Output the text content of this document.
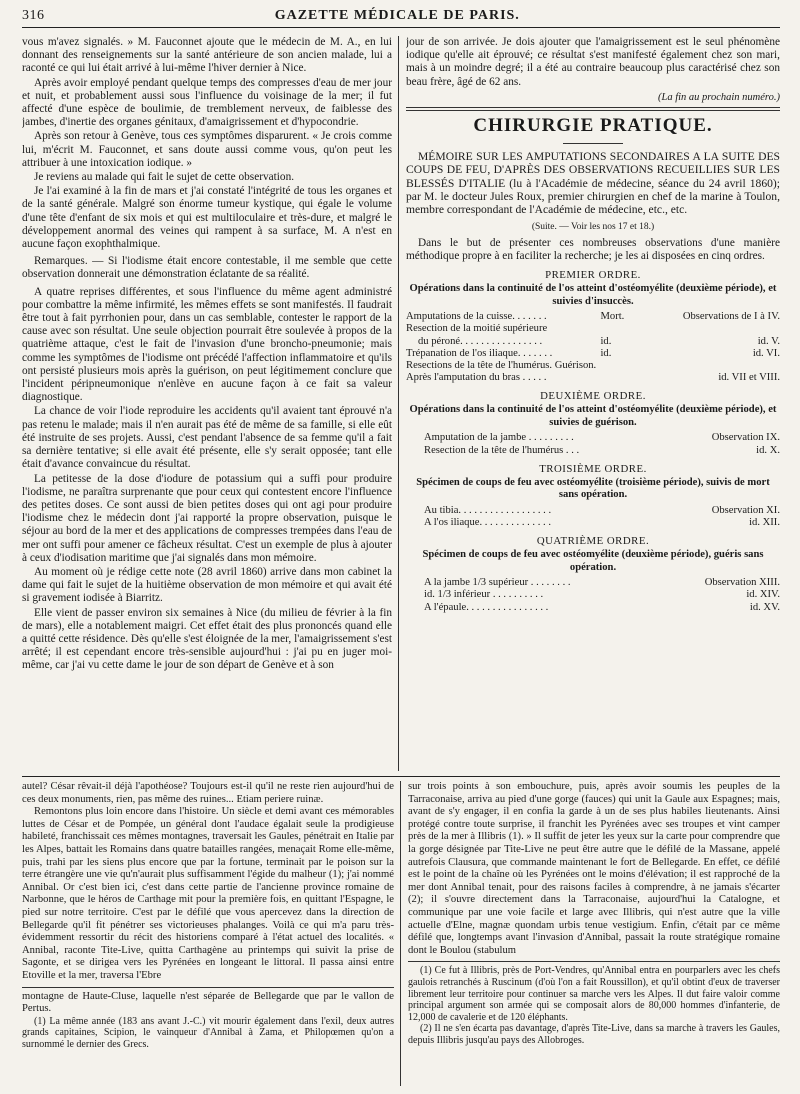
316	GAZETTE MÉDICALE DE PARIS.

vous m'avez signalés. » M. Fauconnet ajoute que le médecin de M. A., en lui donnant des renseignements sur la santé antérieure de son ancien malade, lui a raconté ce qui lui était arrivé à lui-même l'hiver dernier à Nice.

Après avoir employé pendant quelque temps des compresses d'eau de mer jour et nuit, et probablement aussi sous l'influence du voisinage de la mer; il fut affecté d'une espèce de boulimie, de tremblement nerveux, de faiblesse des jambes, d'inertie des organes génitaux, d'amaigrissement et d'hypocondrie.

Après son retour à Genève, tous ces symptômes disparurent. « Je crois comme lui, m'écrit M. Fauconnet, et sans doute aussi comme vous, qu'on peut les attribuer à une intoxication iodique. »

Je reviens au malade qui fait le sujet de cette observation.

Je l'ai examiné à la fin de mars et j'ai constaté l'intégrité de tous les organes et de la santé générale. Malgré son énorme tumeur kystique, qui égale le volume d'une tête d'enfant de six mois et qui est multiloculaire et très-dure, et malgré le développement anormal des veines qui rampent à sa surface, M. A n'est en aucune façon exophthalmique.

Remarques. — Si l'iodisme était encore contestable, il me semble que cette observation donnerait une démonstration éclatante de sa réalité.

A quatre reprises différentes, et sous l'influence du même agent administré pour combattre la même infirmité, les mêmes effets se sont manifestés. Il faudrait être tout à fait pyrrhonien pour, dans un cas semblable, contester le rapport de la cause avec son résultat. Une seule objection pourrait être soulevée à propos de la quatrième attaque, c'est le fait de l'invasion d'une broncho-pneumonie; mais comme les symptômes de l'iodisme ont précédé l'affection inflammatoire et qu'ils ont persisté plusieurs mois après la guérison, on peut légitimement conclure que l'incident péripneumonique n'enlève en aucune façon à ce fait sa valeur diagnostique.

La chance de voir l'iode reproduire les accidents qu'il avaient tant éprouvé n'a pas retenu le malade; mais il n'en aurait pas été de même de sa famille, si elle eût été instruite de ses projets. Aussi, c'est pendant l'absence de sa femme qu'il a fait sa dernière tentative; si elle avait été présente, elle s'y serait opposée; tant elle était d'avance convaincue du résultat.

La petitesse de la dose d'iodure de potassium qui a suffi pour produire l'iodisme, ne paraîtra surprenante que pour ceux qui contestent encore l'influence des petites doses. Ce sont aussi de bien petites doses qui ont agi pour produire l'iodisme chez le médecin dont j'ai rapporté la propre observation, puisque le séjour au bord de la mer et des applications de compresses trempées dans l'eau de mer ont suffi pour amener ce fâcheux résultat. C'est un exemple de plus à ajouter à ceux d'iodisation maritime que j'ai signalés dans mon mémoire.

Au moment où je rédige cette note (28 avril 1860) arrive dans mon cabinet la dame qui fait le sujet de la huitième observation de mon mémoire et qui avait été si gravement iodisée à Biarritz.

Elle vient de passer environ six semaines à Nice (du milieu de février à la fin de mars), elle a notablement maigri. Cet effet était des plus prononcés quand elle a quitté cette résidence. Dès qu'elle s'est éloignée de la mer, l'amaigrissement s'est arrêté; il est cependant encore très-sensible aujourd'hui : j'ai pu en juger moi-même, car j'ai vu cette dame le jour de son départ de Genève et à son

jour de son arrivée. Je dois ajouter que l'amaigrissement est le seul phénomène iodique qu'elle ait éprouvé; ce résultat s'est manifesté également chez son mari, mais à un moindre degré; il a été au contraire beaucoup plus caractérisé chez son beau frère, âgé de 62 ans.

(La fin au prochain numéro.)
CHIRURGIE PRATIQUE.

MÉMOIRE SUR LES AMPUTATIONS SECONDAIRES A LA SUITE DES COUPS DE FEU, D'APRÈS DES OBSERVATIONS RECUEILLIES SUR LES BLESSÉS D'ITALIE (lu à l'Académie de médecine, séance du 24 avril 1860); par M. le docteur Jules Roux, premier chirurgien en chef de la marine à Toulon, membre correspondant de l'Académie de médecine, etc., etc.

(Suite. — Voir les nos 17 et 18.)

Dans le but de présenter ces nombreuses observations d'une manière méthodique propre à en faciliter la recherche; je les ai disposées en cinq ordres.

PREMIER ORDRE.
Opérations dans la continuité de l'os atteint d'ostéomyélite (deuxième période), et suivies d'insuccès.
Amputations de la cuisse. . . . . . .	Mort.	Observations de I à IV.
Resection de la moitié supérieure		
du péroné. . . . . . . . . . . . . . . .	id.	id. V.
Trépanation de l'os iliaque. . . . . . .	id.	id. VI.
Resections de la tête de l'humérus. Guérison.		
Après l'amputation du bras . . . . .		id. VII et VIII.
DEUXIÈME ORDRE.
Opérations dans la continuité de l'os atteint d'ostéomyélite (deuxième période), et suivies de guérison.
Amputation de la jambe . . . . . . . . .		Observation IX.
Resection de la tête de l'humérus . . .		id. X.
TROISIÈME ORDRE.
Spécimen de coups de feu avec ostéomyélite (troisième période), suivis de mort sans opération.
Au tibia. . . . . . . . . . . . . . . . . .		Observation XI.
A l'os iliaque. . . . . . . . . . . . . .		id. XII.
QUATRIÈME ORDRE.
Spécimen de coups de feu avec ostéomyélite (deuxième période), guéris sans opération.
A la jambe 1/3 supérieur . . . . . . . .		Observation XIII.
id. 1/3 inférieur . . . . . . . . . .		id. XIV.
A l'épaule. . . . . . . . . . . . . . . .		id. XV.

autel? César rêvait-il déjà l'apothéose? Toujours est-il qu'il ne reste rien aujourd'hui de ces deux monuments, rien, pas même des ruines... Etiam periere ruinæ.

Remontons plus loin encore dans l'histoire. Un siècle et demi avant ces mémorables luttes de César et de Pompée, un général dont l'audace égalait seule la prodigieuse habileté, franchissait ces mêmes montagnes, traversait les Gaules, pénétrait en Italie par les Alpes, battait les Romains dans quatre batailles rangées, menaçait Rome elle-même, puis, trahi par les siens plus encore que par la fortune, terminait par le poison sur la terre étrangère une vie qu'n'aurait plus suffisamment l'égide du malheur (1); j'ai nommé Annibal. Or c'est bien ici, c'est dans cette partie de l'ancienne province romaine de Narbonne, que le héros de Carthage mit pour la première fois, en quittant l'Espagne, le pied sur notre territoire. C'est par le défilé que vous apercevez dans la direction de Bellegarde qu'il fit pénétrer ses victorieuses phalanges. Voilà ce qui m'a paru très-évidemment ressortir du récit des historiens comparé à l'état actuel des localités. « Annibal, raconte Tite-Live, quitta Carthagène au printemps qui suivit la prise de Sagonte, et se dirigea vers les Pyrénées en longeant le littoral. Il passa ainsi entre Etoville et la mer, traversa l'Ebre

montagne de Haute-Cluse, laquelle n'est séparée de Bellegarde que par le vallon de Pertus.

(1) La même année (183 ans avant J.-C.) vit mourir également dans l'exil, deux autres grands capitaines, Scipion, le vainqueur d'Annibal à Zama, et Philopœmen qu'on a surnommé le dernier des Grecs.

sur trois points à son embouchure, puis, après avoir soumis les peuples de la Tarraconaise, arriva au pied d'une gorge (fauces) qui unit la Gaule aux Espagnes; mais, avant de s'y engager, il en confia la garde à un de ses plus habiles lieutenants. Ainsi protégé contre toute surprise, il franchit les Pyrénées avec ses troupes et vint camper près de la mer à Illibris (1). » Il suffit de jeter les yeux sur la carte pour comprendre que la gorge désignée par Tite-Live ne peut être autre que le défilé de la Massane, appelé autrefois Clausura, que commande maintenant le fort de Bellegarde. En effet, ce défilé est le point de la chaîne où les Pyrénées ont le moins d'élévation; il est rapproché de la mer dont Annibal tenait, pour des raisons faciles à comprendre, à ne jamais s'écarter (2); il s'ouvre directement dans la Tarraconaise, aujourd'hui la Catalogne, et communique par une voie facile et large avec Illibris, qui n'est autre que la ville actuelle d'Elne, magnæ quondam urbis tenue vestigium. Enfin, c'était par ce même défilé que, longtemps avant l'invasion d'Annibal, passait la route stratégique romaine dont le Boulou (stabulum

(1) Ce fut à Illibris, près de Port-Vendres, qu'Annibal entra en pourparlers avec les chefs gaulois retranchés à Ruscinum (d'où l'on a fait Roussillon), et qu'il obtint d'eux de traverser librement leur territoire pour continuer sa marche vers les Alpes. Il dut faire valoir comme principal argument son armée qui se composait alors de 80,000 hommes d'infanterie, de 12,000 de cavalerie et de 120 éléphants.

(2) Il ne s'en écarta pas davantage, d'après Tite-Live, dans sa marche à travers les Gaules, depuis Illibris jusqu'au pays des Allobroges.
